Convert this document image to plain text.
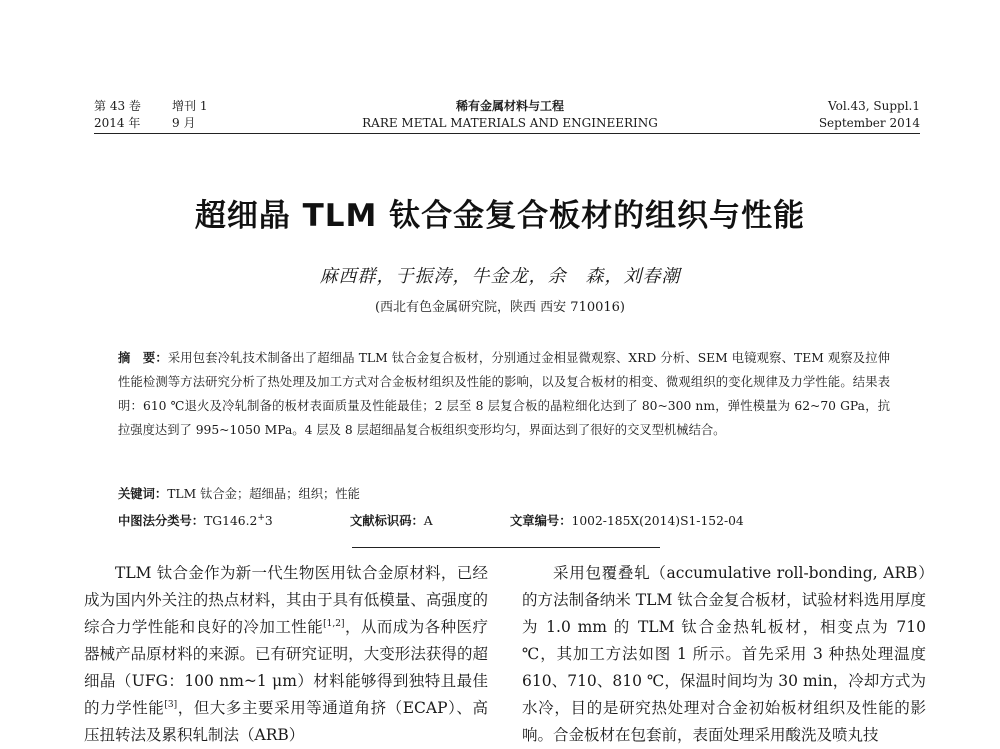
第 43 卷	增刊 1
2014 年	9 月
稀有金属材料与工程
RARE METAL MATERIALS AND ENGINEERING
Vol.43, Suppl.1
September 2014
超细晶 TLM 钛合金复合板材的组织与性能
麻西群，于振涛，牛金龙，余　森，刘春潮
(西北有色金属研究院，陕西 西安 710016)
摘　要：采用包套冷轧技术制备出了超细晶 TLM 钛合金复合板材，分别通过金相显微观察、XRD 分析、SEM 电镜观察、TEM 观察及拉伸性能检测等方法研究分析了热处理及加工方式对合金板材组织及性能的影响，以及复合板材的相变、微观组织的变化规律及力学性能。结果表明：610 ℃退火及冷轧制备的板材表面质量及性能最佳；2 层至 8 层复合板的晶粒细化达到了 80~300 nm，弹性模量为 62~70 GPa，抗拉强度达到了 995~1050 MPa。4 层及 8 层超细晶复合板组织变形均匀，界面达到了很好的交叉型机械结合。
关键词：TLM 钛合金；超细晶；组织；性能
中图法分类号：TG146.2+3	文献标识码：A	文章编号：1002-185X(2014)S1-152-04

TLM 钛合金作为新一代生物医用钛合金原材料，已经成为国内外关注的热点材料，其由于具有低模量、高强度的综合力学性能和良好的冷加工性能[1,2]，从而成为各种医疗器械产品原材料的来源。已有研究证明，大变形法获得的超细晶（UFG：100 nm~1 μm）材料能够得到独特且最佳的力学性能[3]，但大多主要采用等通道角挤（ECAP）、高压扭转法及累积轧制法（ARB）

采用包覆叠轧（accumulative roll-bonding, ARB）的方法制备纳米 TLM 钛合金复合板材，试验材料选用厚度为 1.0 mm 的 TLM 钛合金热轧板材，相变点为 710 ℃，其加工方法如图 1 所示。首先采用 3 种热处理温度 610、710、810 ℃，保温时间均为 30 min，冷却方式为水冷，目的是研究热处理对合金初始板材组织及性能的影响。合金板材在包套前，表面处理采用酸洗及喷丸技
